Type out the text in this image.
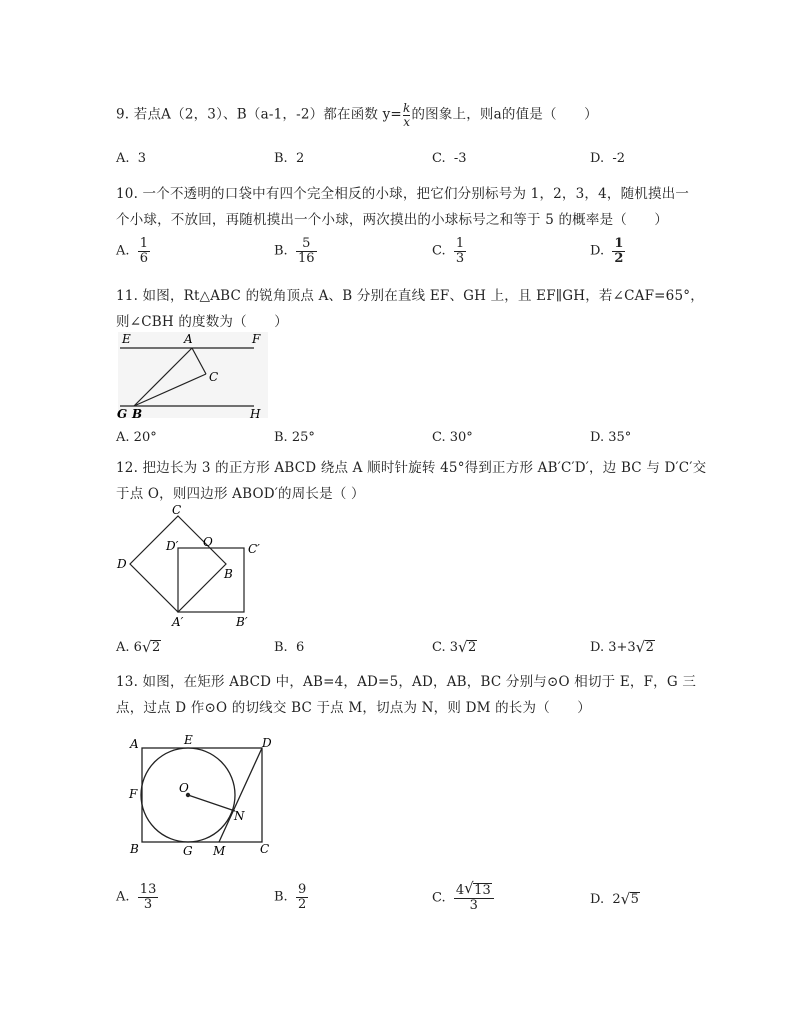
9. 若点A（2，3）、B（a-1，-2）都在函数 $y= \frac{k}{x}$ 的图象上，则a的值是（　　）
A. 3	B. 2	C. -3	D. -2
10. 一个不透明的口袋中有四个完全相反的小球，把它们分别标号为 1，2，3，4，随机摸出一
个小球，不放回，再随机摸出一个小球，两次摸出的小球标号之和等于 5 的概率是（　　）
A. $\frac{1}{6}$	B. $\frac{5}{16}$	C. $\frac{1}{3}$	D. $\frac{1}{2}$
11. 如图，Rt△ABC 的锐角顶点 A、B 分别在直线 EF、GH 上，且 EF∥GH，若∠CAF=65°，
则∠CBH 的度数为（　　）
E	A	F
C
G B	H
A. 20°	B. 25°	C. 30°	D. 35°
12. 把边长为 3 的正方形 ABCD 绕点 A 顺时针旋转 45°得到正方形 AB′C′D′，边 BC 与 D′C′交
于点 O，则四边形 ABOD′的周长是（ ）
C
D′ O	C′
D
B
A′	B′
A. 6 √ 2	B. 6	C. 3 √ 2	D. 3+3 √ 2
13. 如图，在矩形 ABCD 中，AB=4，AD=5，AD，AB，BC 分别与⊙O 相切于 E，F，G 三
点，过点 D 作⊙O 的切线交 BC 于点 M，切点为 N，则 DM 的长为（　　）
A	E	D
F	O
N
B	G M	C
A. $\frac{13}{3}$	B. $\frac{9}{2}$	C. $\frac{4 √ 13}{3}$	D. 2 √ 5
